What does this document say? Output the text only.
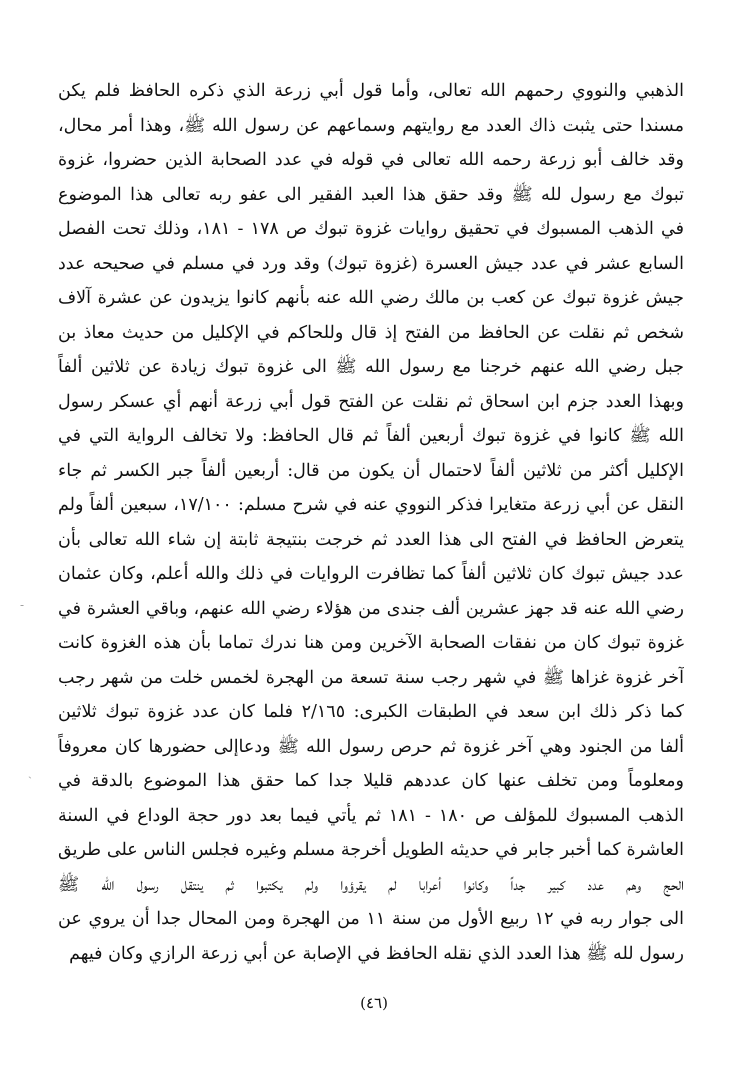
الذهبي والنووي رحمهم الله تعالى، وأما قول أبي زرعة الذي ذكره الحافظ فلم يكن
مسندا حتى يثبت ذاك العدد مع روايتهم وسماعهم عن رسول الله ﷺ، وهذا أمر محال،
وقد خالف أبو زرعة رحمه الله تعالى في قوله في عدد الصحابة الذين حضروا، غزوة
تبوك مع رسول لله ﷺ وقد حقق هذا العبد الفقير الى عفو ربه تعالى هذا الموضوع
في الذهب المسبوك في تحقيق روايات غزوة تبوك ص ١٧٨ - ١٨١، وذلك تحت الفصل
السابع عشر في عدد جيش العسرة (غزوة تبوك) وقد ورد في مسلم في صحيحه عدد
جيش غزوة تبوك عن كعب بن مالك رضي الله عنه بأنهم كانوا يزيدون عن عشرة آلاف
شخص ثم نقلت عن الحافظ من الفتح إذ قال وللحاكم في الإكليل من حديث معاذ بن
جبل رضي الله عنهم خرجنا مع رسول الله ﷺ الى غزوة تبوك زيادة عن ثلاثين ألفاً
وبهذا العدد جزم ابن اسحاق ثم نقلت عن الفتح قول أبي زرعة أنهم أي عسكر رسول
الله ﷺ كانوا في غزوة تبوك أربعين ألفاً ثم قال الحافظ: ولا تخالف الرواية التي في
الإكليل أكثر من ثلاثين ألفاً لاحتمال أن يكون من قال: أربعين ألفاً جبر الكسر ثم جاء
النقل عن أبي زرعة متغايرا فذكر النووي عنه في شرح مسلم: ١٧/١٠٠، سبعين ألفاً ولم
يتعرض الحافظ في الفتح الى هذا العدد ثم خرجت بنتيجة ثابتة إن شاء الله تعالى بأن
عدد جيش تبوك كان ثلاثين ألفاً كما تظافرت الروايات في ذلك والله أعلم، وكان عثمان
رضي الله عنه قد جهز عشرين ألف جندى من هؤلاء رضي الله عنهم، وباقي العشرة في
غزوة تبوك كان من نفقات الصحابة الآخرين ومن هنا ندرك تماما بأن هذه الغزوة كانت
آخر غزوة غزاها ﷺ في شهر رجب سنة تسعة من الهجرة لخمس خلت من شهر رجب
كما ذكر ذلك ابن سعد في الطبقات الكبرى: ٢/١٦٥ فلما كان عدد غزوة تبوك ثلاثين
ألفا من الجنود وهي آخر غزوة ثم حرص رسول الله ﷺ ودعاإلى حضورها كان معروفاً
ومعلوماً ومن تخلف عنها كان عددهم قليلا جدا كما حقق هذا الموضوع بالدقة في
الذهب المسبوك للمؤلف ص ١٨٠ - ١٨١ ثم يأتي فيما بعد دور حجة الوداع في السنة
العاشرة كما أخبر جابر في حديثه الطويل أخرجة مسلم وغيره فجلس الناس على طريق
الحج وهم عدد كبير جداً وكانوا أعرابا لم يقرؤوا ولم يكتبوا ثم ينتقل رسول الله ﷺ
الى جوار ربه في ١٢ ربيع الأول من سنة ١١ من الهجرة ومن المحال جدا أن يروي عن
رسول لله ﷺ هذا العدد الذي نقله الحافظ في الإصابة عن أبي زرعة الرازي وكان فيهم
-
ˎ
(٤٦)
